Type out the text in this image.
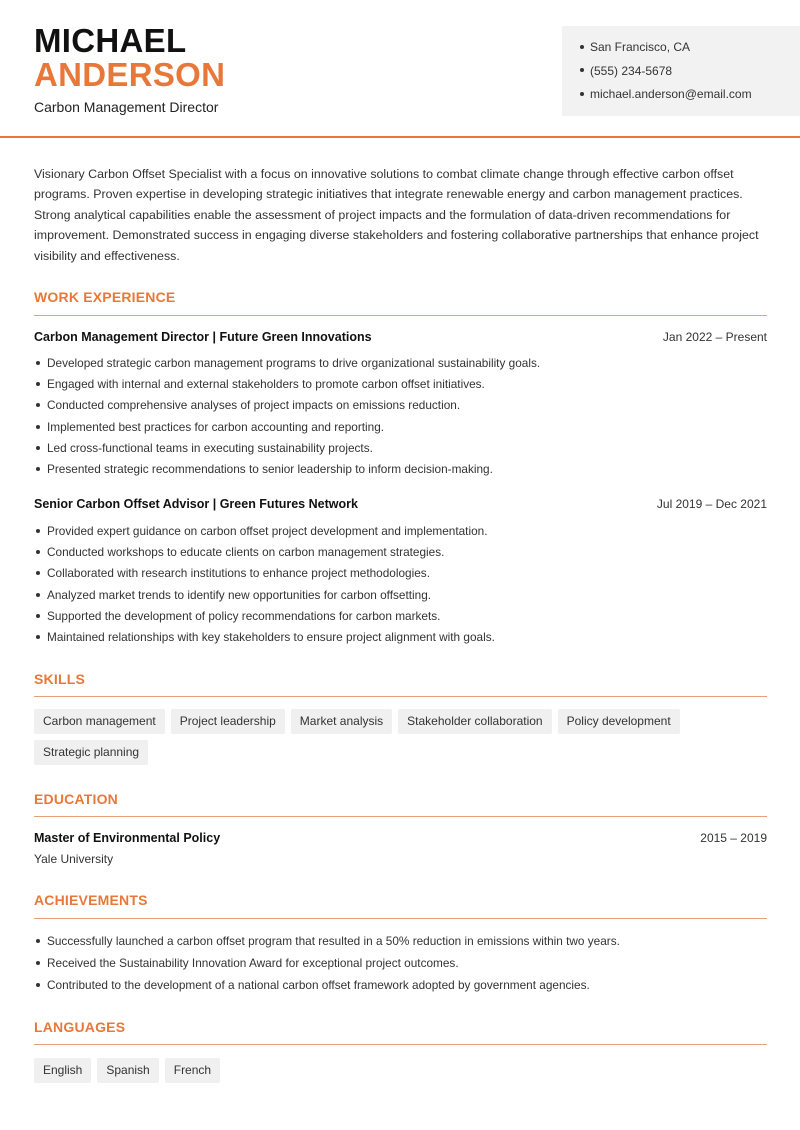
MICHAEL
ANDERSON
Carbon Management Director
San Francisco, CA
(555) 234-5678
michael.anderson@email.com
Visionary Carbon Offset Specialist with a focus on innovative solutions to combat climate change through effective carbon offset programs. Proven expertise in developing strategic initiatives that integrate renewable energy and carbon management practices. Strong analytical capabilities enable the assessment of project impacts and the formulation of data-driven recommendations for improvement. Demonstrated success in engaging diverse stakeholders and fostering collaborative partnerships that enhance project visibility and effectiveness.
WORK EXPERIENCE
Carbon Management Director | Future Green Innovations	Jan 2022 – Present
Developed strategic carbon management programs to drive organizational sustainability goals.
Engaged with internal and external stakeholders to promote carbon offset initiatives.
Conducted comprehensive analyses of project impacts on emissions reduction.
Implemented best practices for carbon accounting and reporting.
Led cross-functional teams in executing sustainability projects.
Presented strategic recommendations to senior leadership to inform decision-making.
Senior Carbon Offset Advisor | Green Futures Network	Jul 2019 – Dec 2021
Provided expert guidance on carbon offset project development and implementation.
Conducted workshops to educate clients on carbon management strategies.
Collaborated with research institutions to enhance project methodologies.
Analyzed market trends to identify new opportunities for carbon offsetting.
Supported the development of policy recommendations for carbon markets.
Maintained relationships with key stakeholders to ensure project alignment with goals.
SKILLS
Carbon management Project leadership Market analysis Stakeholder collaboration Policy developmentStrategic planning
EDUCATION
Master of Environmental Policy	2015 – 2019
Yale University
ACHIEVEMENTS
Successfully launched a carbon offset program that resulted in a 50% reduction in emissions within two years.
Received the Sustainability Innovation Award for exceptional project outcomes.
Contributed to the development of a national carbon offset framework adopted by government agencies.
LANGUAGES
English Spanish French
